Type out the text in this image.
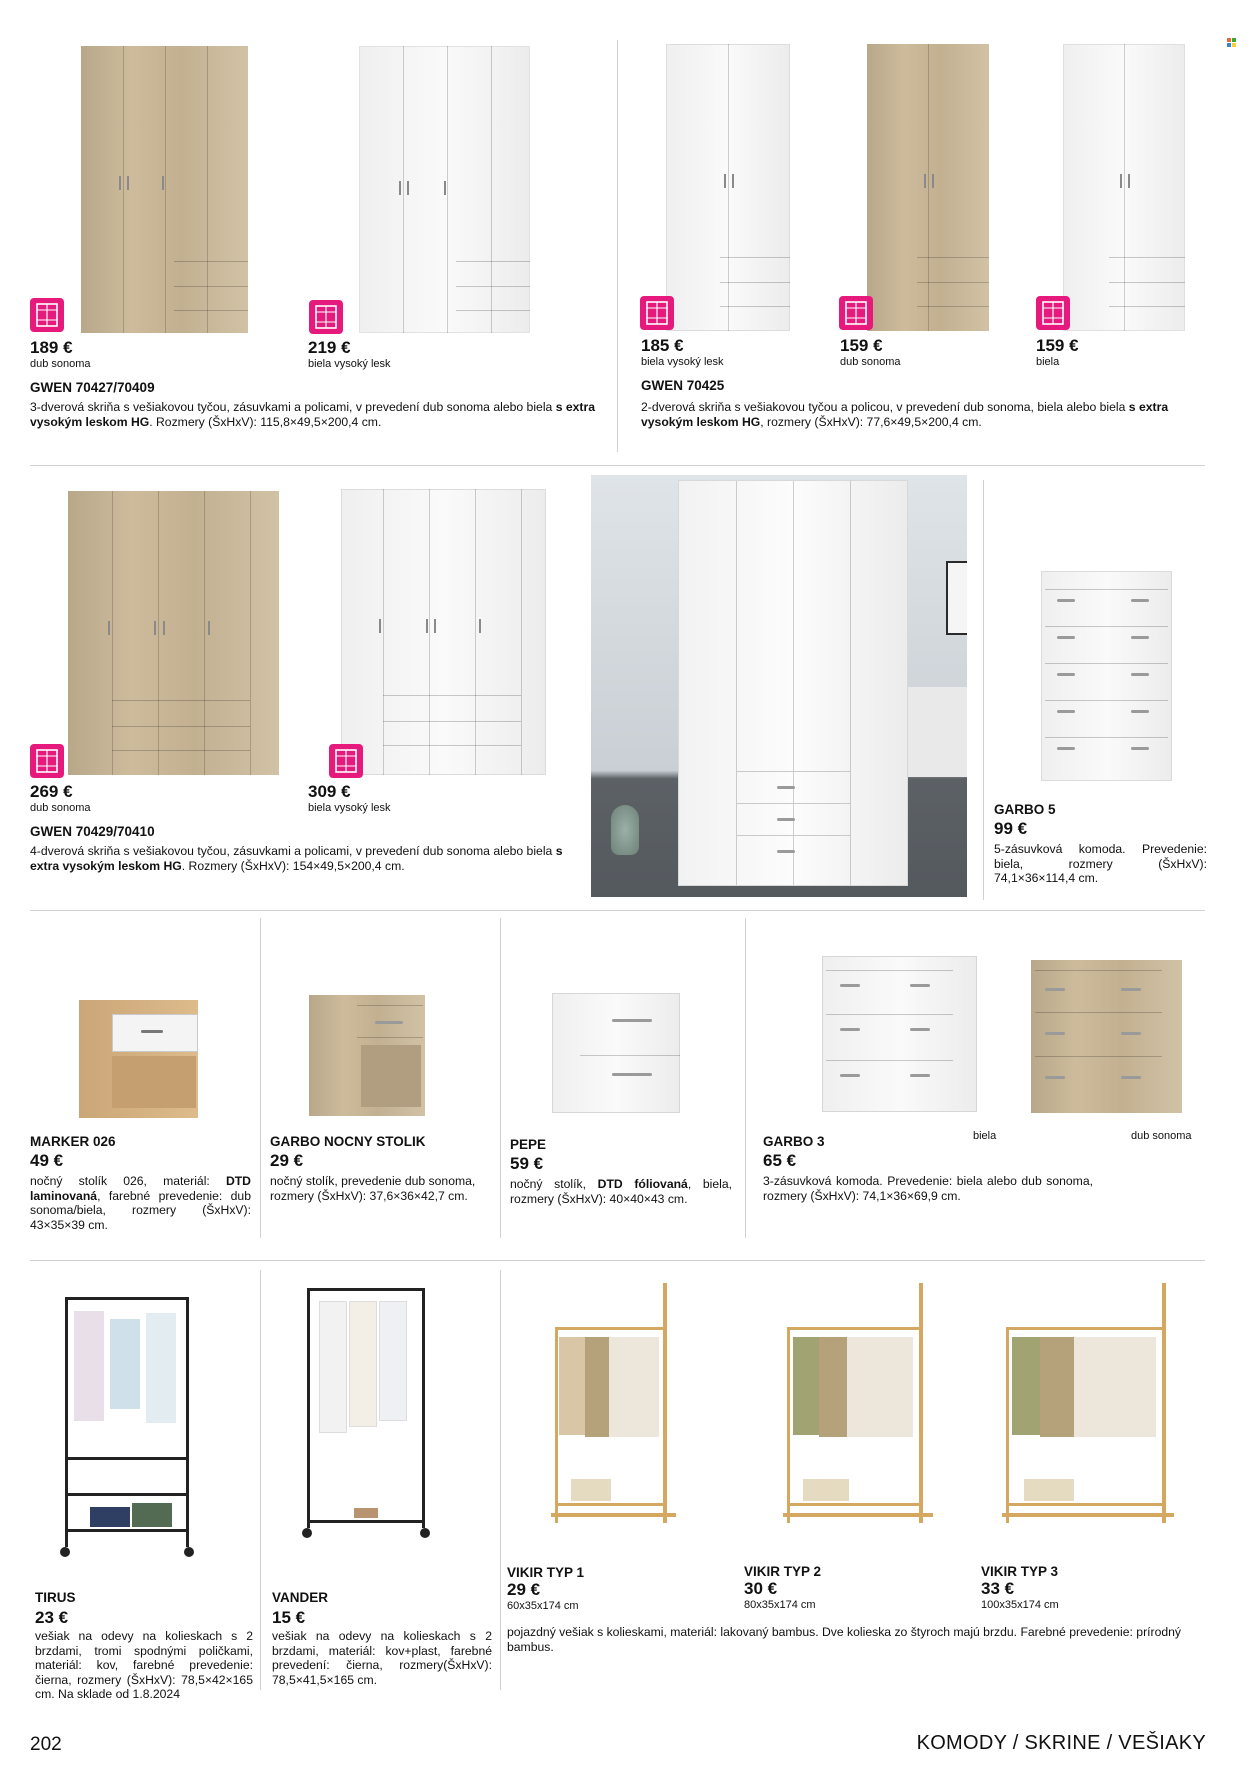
189 €
dub sonoma
219 €
biela vysoký lesk
185 €
biela vysoký lesk
159 €
dub sonoma
159 €
biela
GWEN 70427/70409
3-dverová skriňa s vešiakovou tyčou, zásuvkami a policami, v prevedení dub sonoma alebo biela s extra vysokým leskom HG. Rozmery (ŠxHxV): 115,8×49,5×200,4 cm.
GWEN 70425
2-dverová skriňa s vešiakovou tyčou a policou, v prevedení dub sonoma, biela alebo biela s extra vysokým leskom HG, rozmery (ŠxHxV): 77,6×49,5×200,4 cm.
269 €
dub sonoma
309 €
biela vysoký lesk
GWEN 70429/70410
4-dverová skriňa s vešiakovou tyčou, zásuvkami a policami, v prevedení dub sonoma alebo biela s extra vysokým leskom HG. Rozmery (ŠxHxV): 154×49,5×200,4 cm.
GARBO 5
99 €
5-zásuvková komoda. Prevedenie: biela, rozmery (ŠxHxV): 74,1×36×114,4 cm.
MARKER 026
49 €
nočný stolík 026, materiál: DTD laminovaná, farebné prevedenie: dub sonoma/biela, rozmery (ŠxHxV): 43×35×39 cm.
GARBO NOCNY STOLIK
29 €
nočný stolík, prevedenie dub sonoma, rozmery (ŠxHxV): 37,6×36×42,7 cm.
PEPE
59 €
nočný stolík, DTD fóliovaná, biela, rozmery (ŠxHxV): 40×40×43 cm.
biela	dub sonoma
GARBO 3
65 €
3-zásuvková komoda. Prevedenie: biela alebo dub sonoma, rozmery (ŠxHxV): 74,1×36×69,9 cm.
TIRUS
23 €
vešiak na odevy na kolieskach s 2 brzdami, tromi spodnými poličkami, materiál: kov, farebné prevedenie: čierna, rozmery (ŠxHxV): 78,5×42×165 cm. Na sklade od 1.8.2024
VANDER
15 €
vešiak na odevy na kolieskach s 2 brzdami, materiál: kov+plast, farebné prevedení: čierna, rozmery(ŠxHxV): 78,5×41,5×165 cm.
VIKIR TYP 1
29 €
60x35x174 cm
VIKIR TYP 2
30 €
80x35x174 cm
VIKIR TYP 3
33 €
100x35x174 cm
pojazdný vešiak s kolieskami, materiál: lakovaný bambus. Dve kolieska zo štyroch majú brzdu. Farebné prevedenie: prírodný bambus.
202	KOMODY / SKRINE / VEŠIAKY
